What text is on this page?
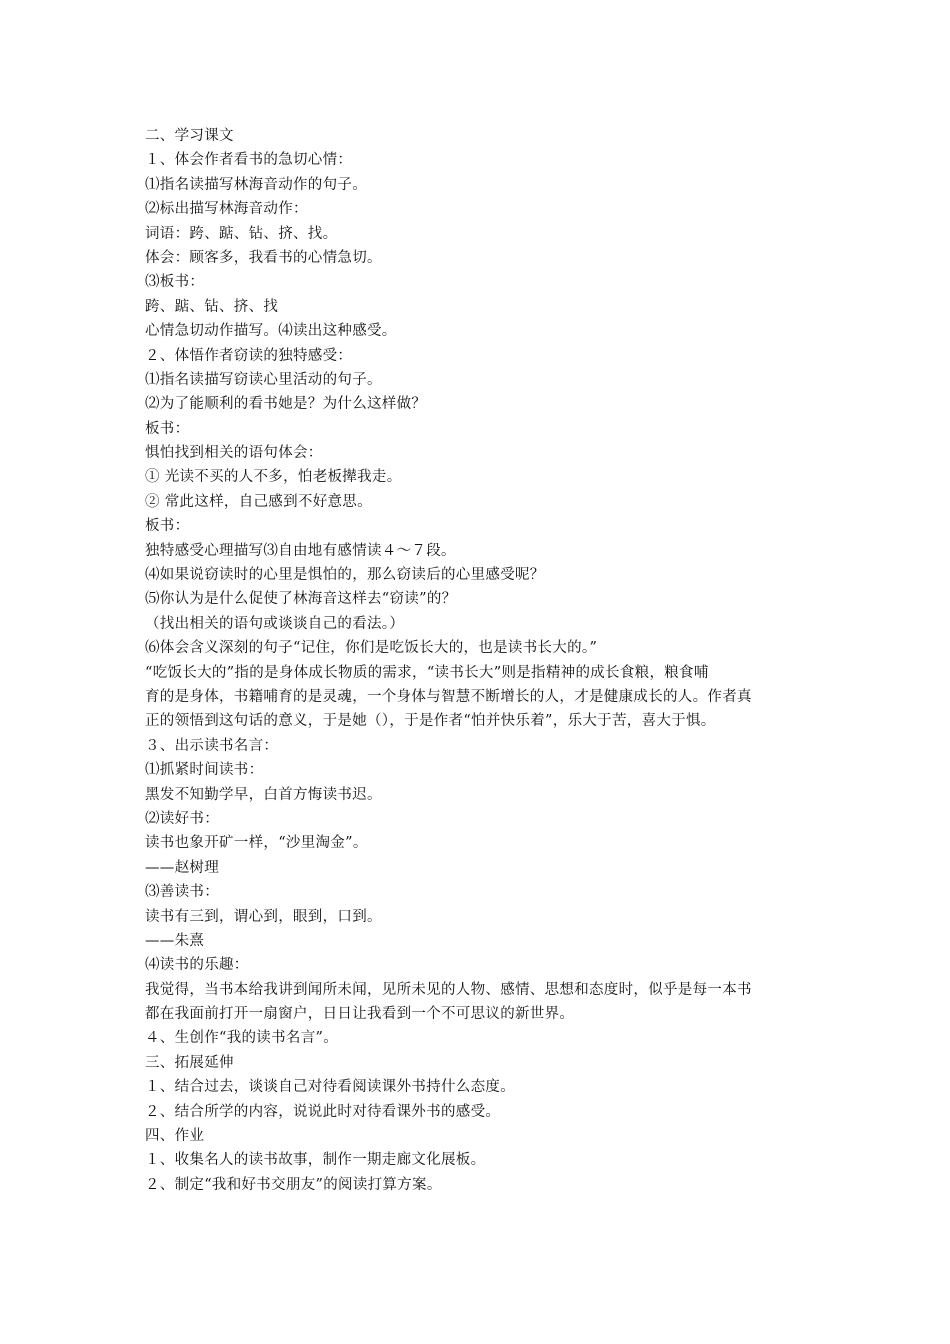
二、学习课文
１、体会作者看书的急切心情：
⑴指名读描写林海音动作的句子。
⑵标出描写林海音动作：
词语：跨、踮、钻、挤、找。
体会：顾客多，我看书的心情急切。
⑶板书：
跨、踮、钻、挤、找
心情急切动作描写。⑷读出这种感受。
２、体悟作者窃读的独特感受：
⑴指名读描写窃读心里活动的句子。
⑵为了能顺利的看书她是？为什么这样做？
板书：
惧怕找到相关的语句体会：
① 光读不买的人不多，怕老板撵我走。
② 常此这样，自己感到不好意思。
板书：
独特感受心理描写⑶自由地有感情读４～７段。
⑷如果说窃读时的心里是惧怕的，那么窃读后的心里感受呢？
⑸你认为是什么促使了林海音这样去“窃读”的？
（找出相关的语句或谈谈自己的看法。）
⑹体会含义深刻的句子“记住，你们是吃饭长大的，也是读书长大的。”
“吃饭长大的”指的是身体成长物质的需求，“读书长大”则是指精神的成长食粮，粮食哺
育的是身体，书籍哺育的是灵魂，一个身体与智慧不断增长的人，才是健康成长的人。作者真
正的领悟到这句话的意义，于是她（），于是作者“怕并快乐着”，乐大于苦，喜大于惧。
３、出示读书名言：
⑴抓紧时间读书：
黑发不知勤学早，白首方悔读书迟。
⑵读好书：
读书也象开矿一样，“沙里淘金”。
——赵树理
⑶善读书：
读书有三到，谓心到，眼到，口到。
——朱熹
⑷读书的乐趣：
我觉得，当书本给我讲到闻所未闻，见所未见的人物、感情、思想和态度时，似乎是每一本书
都在我面前打开一扇窗户，日日让我看到一个不可思议的新世界。
４、生创作“我的读书名言”。
三、拓展延伸
１、结合过去，谈谈自己对待看阅读课外书持什么态度。
２、结合所学的内容，说说此时对待看课外书的感受。
四、作业
１、收集名人的读书故事，制作一期走廊文化展板。
２、制定“我和好书交朋友”的阅读打算方案。
